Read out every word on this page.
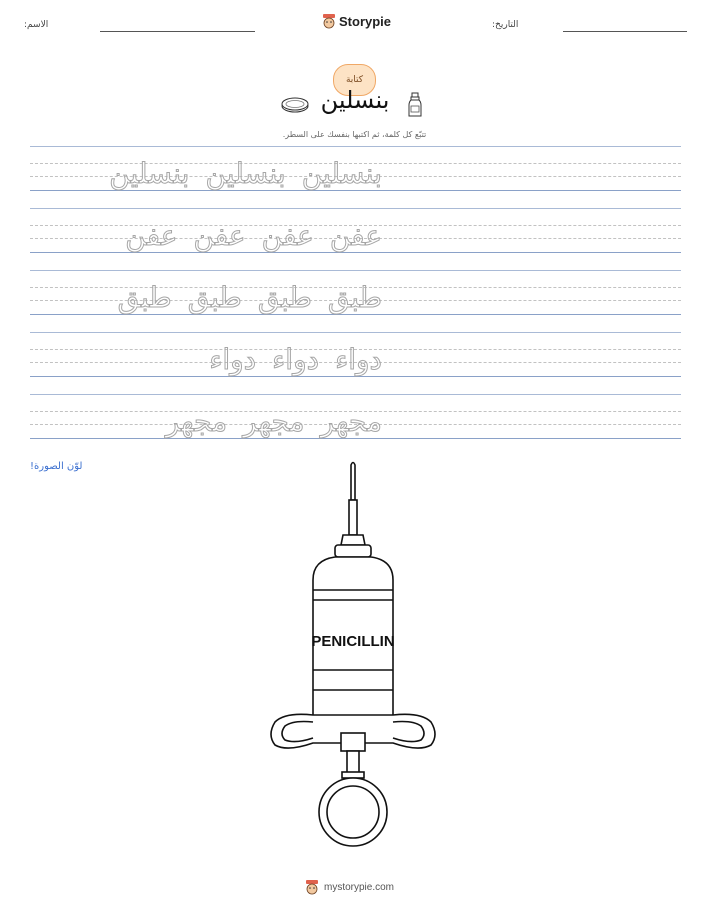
الاسم:	Storypie	التاريخ:
كتابة
بنسلين
تتبّع كل كلمة، ثم اكتبها بنفسك على السطر.
بنسلين
بنسلين
بنسلين
عفن
عفن
عفن
عفن
طبق
طبق
طبق
طبق
دواء
دواء
دواء
مجهر
مجهر
مجهر
لوّن الصورة!
PENICILLIN
mystorypie.com
